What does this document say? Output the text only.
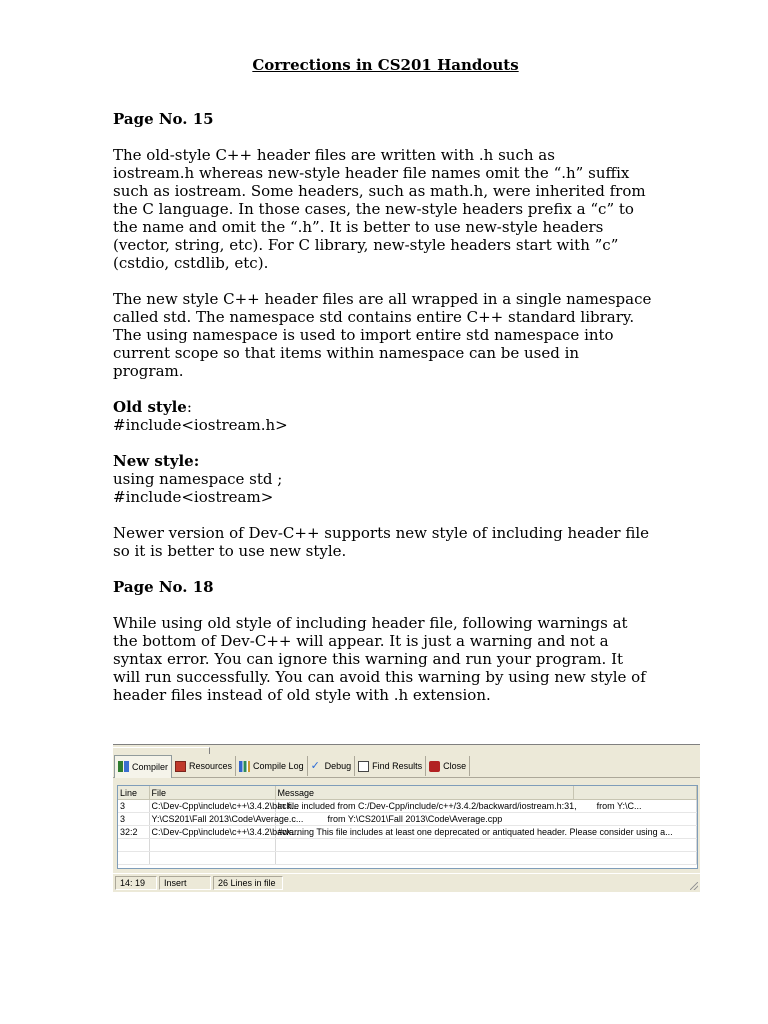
Corrections in CS201 Handouts
Page No. 15
The old-style C++ header files are written with .h such as
iostream.h whereas new-style header file names omit the “.h” suffix
such as iostream. Some headers, such as math.h, were inherited from
the C language. In those cases, the new-style headers prefix a “c” to
the name and omit the “.h”. It is better to use new-style headers
(vector, string, etc). For C library, new-style headers start with ”c”
(cstdio, cstdlib, etc).
The new style C++ header files are all wrapped in a single namespace
called std. The namespace std contains entire C++ standard library.
The using namespace is used to import entire std namespace into
current scope so that items within namespace can be used in
program.
Old style:
#include<iostream.h>
New style:
using namespace std ;
#include<iostream>
Newer version of Dev-C++ supports new style of including header file
so it is better to use new style.
Page No. 18
While using old style of including header file, following warnings at
the bottom of Dev-C++ will appear. It is just a warning and not a
syntax error. You can ignore this warning and run your program. It
will run successfully. You can avoid this warning by using new style of
header files instead of old style with .h extension.
Compiler Resources Compile Log ✓ Debug Find Results Close
Line	File	Message	
3	C:\Dev-Cpp\include\c++\3.4.2\back...	In file included from C:/Dev-Cpp/include/c++/3.4.2/backward/iostream.h:31,        from Y:\C...	
3	Y:\CS201\Fall 2013\Code\Average.c...	from Y:\CS201\Fall 2013\Code\Average.cpp	
32:2	C:\Dev-Cpp\include\c++\3.4.2\back...	#warning This file includes at least one deprecated or antiquated header. Please consider using a...	

14: 19	Insert	26 Lines in file
